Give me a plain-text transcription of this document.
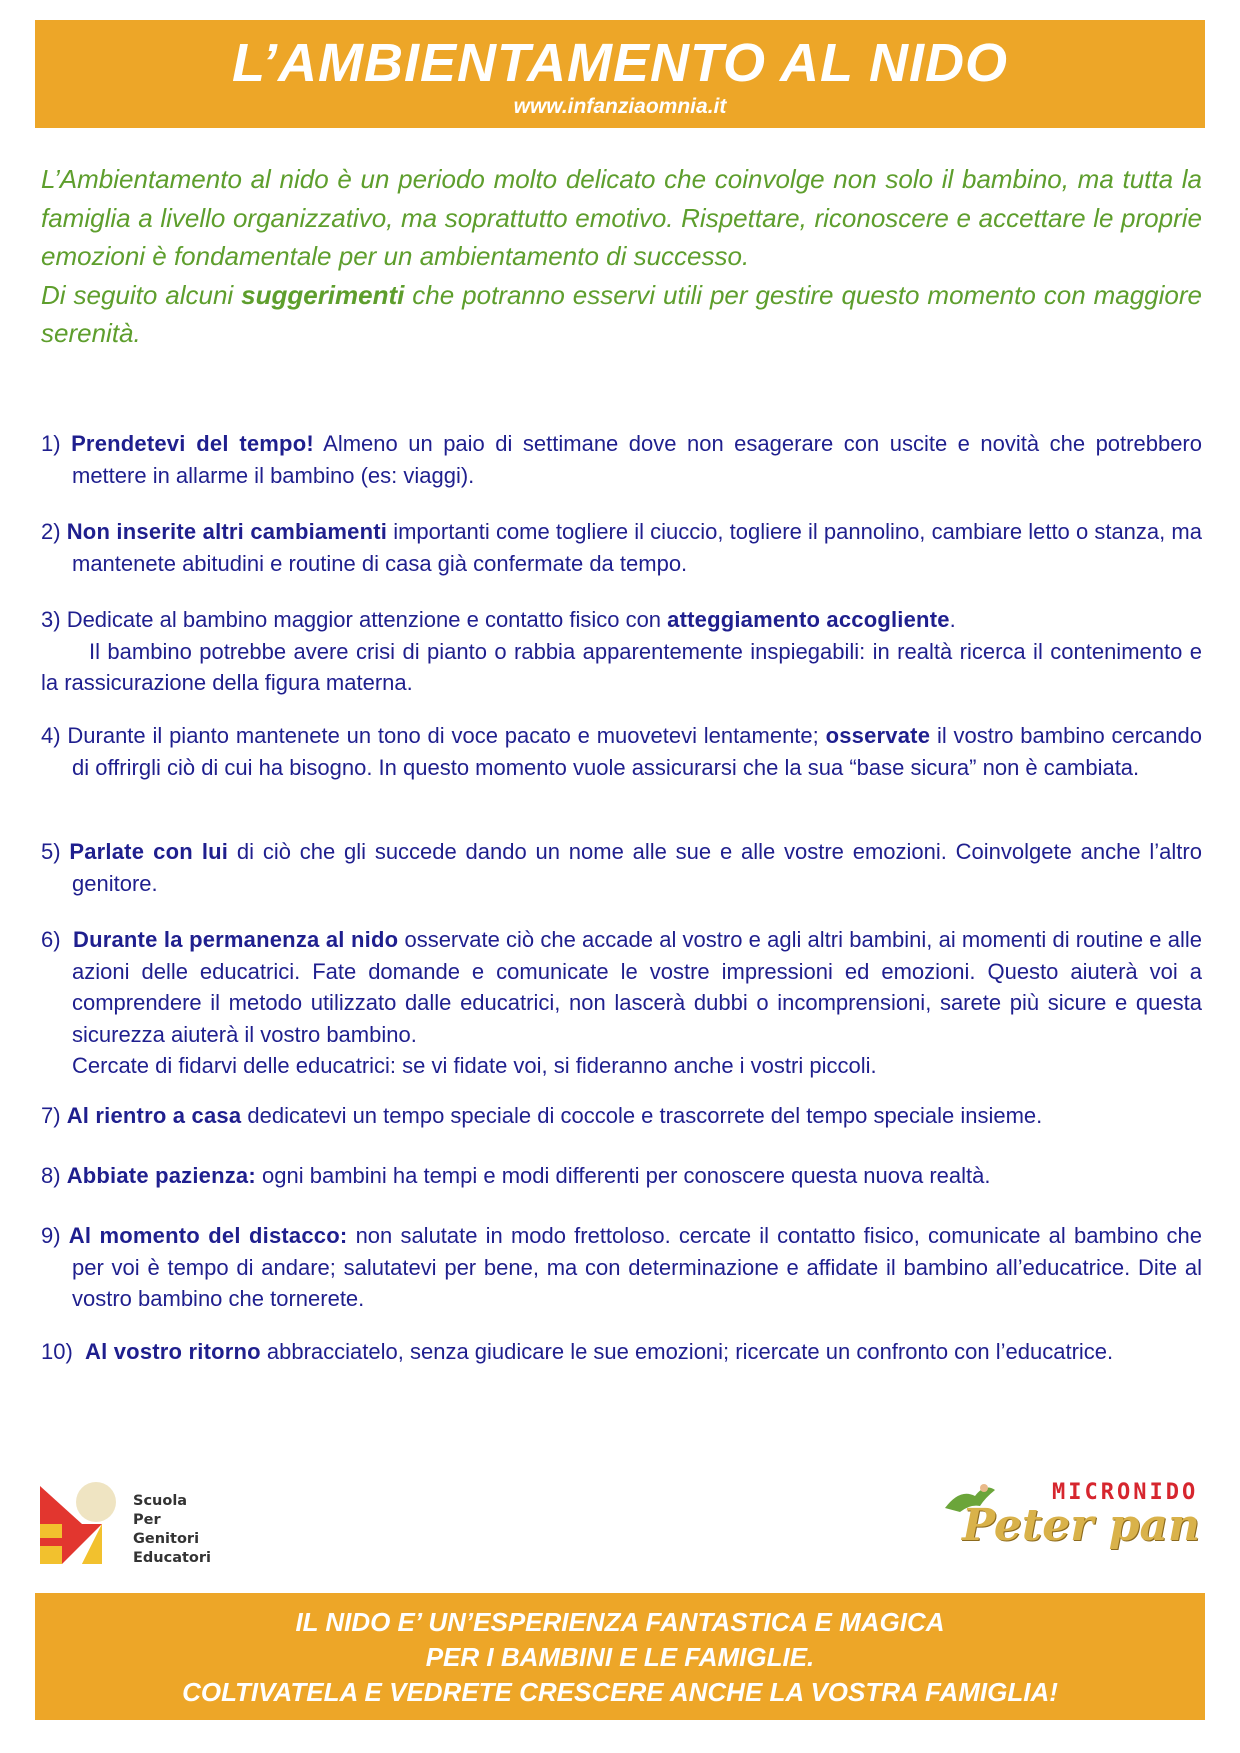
L’AMBIENTAMENTO AL NIDO
www.infanziaomnia.it

L’Ambientamento al nido è un periodo molto delicato che coinvolge non solo il bambino, ma tutta la famiglia a livello organizzativo, ma soprattutto emotivo. Rispettare, riconoscere e accettare le proprie emozioni è fondamentale per un ambientamento di successo.

Di seguito alcuni suggerimenti che potranno esservi utili per gestire questo momento con maggiore serenità.

1) Prendetevi del tempo! Almeno un paio di settimane dove non esagerare con uscite e novità che potrebbero mettere in allarme il bambino (es: viaggi).
2) Non inserite altri cambiamenti importanti come togliere il ciuccio, togliere il pannolino, cambiare letto o stanza, ma mantenete abitudini e routine di casa già confermate da tempo.
3) Dedicate al bambino maggior attenzione e contatto fisico con atteggiamento accogliente.
Il bambino potrebbe avere crisi di pianto o rabbia apparentemente inspiegabili: in realtà ricerca il contenimento e la rassicurazione della figura materna.
4) Durante il pianto mantenete un tono di voce pacato e muovetevi lentamente; osservate il vostro bambino cercando di offrirgli ciò di cui ha bisogno. In questo momento vuole assicurarsi che la sua “base sicura” non è cambiata.
5) Parlate con lui di ciò che gli succede dando un nome alle sue e alle vostre emozioni. Coinvolgete anche l’altro genitore.
6) Durante la permanenza al nido osservate ciò che accade al vostro e agli altri bambini, ai momenti di routine e alle azioni delle educatrici. Fate domande e comunicate le vostre impressioni ed emozioni. Questo aiuterà voi a comprendere il metodo utilizzato dalle educatrici, non lascerà dubbi o incomprensioni, sarete più sicure e questa sicurezza aiuterà il vostro bambino.
Cercate di fidarvi delle educatrici: se vi fidate voi, si fideranno anche i vostri piccoli.
7) Al rientro a casa dedicatevi un tempo speciale di coccole e trascorrete del tempo speciale insieme.
8) Abbiate pazienza: ogni bambini ha tempi e modi differenti per conoscere questa nuova realtà.
9) Al momento del distacco: non salutate in modo frettoloso. cercate il contatto fisico, comunicate al bambino che per voi è tempo di andare; salutatevi per bene, ma con determinazione e affidate il bambino all’educatrice. Dite al vostro bambino che tornerete.
10) Al vostro ritorno abbracciatelo, senza giudicare le sue emozioni; ricercate un confronto con l’educatrice.
Scuola
Per
Genitori
Educatori
MICRONIDO
Peter pan
IL NIDO E’ UN’ESPERIENZA FANTASTICA E MAGICA
PER I BAMBINI E LE FAMIGLIE.
COLTIVATELA E VEDRETE CRESCERE ANCHE LA VOSTRA FAMIGLIA!
